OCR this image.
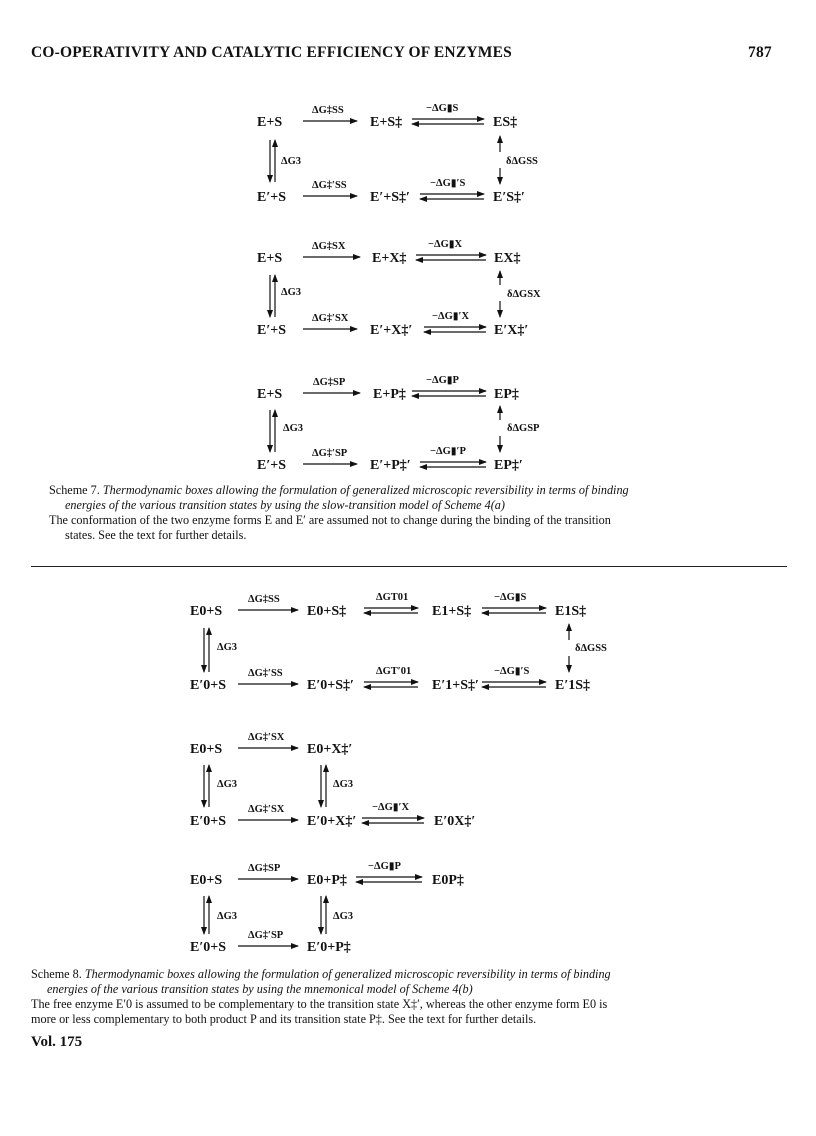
CO-OPERATIVITY AND CATALYTIC EFFICIENCY OF ENZYMES	787
E+S	E+S‡	ES‡
E′+S	E′+S‡′	E′S‡′
ΔG‡SS
ΔG‡′SS
−ΔG▮S
−ΔG▮′S
ΔG3	δΔGSS
E+S	E+X‡	EX‡
E′+S	E′+X‡′	E′X‡′
ΔG‡SX
ΔG‡′SX
−ΔG▮X
−ΔG▮′X
ΔG3	δΔGSX
E+S	E+P‡	EP‡
E′+S	E′+P‡′	EP‡′
ΔG‡SP
ΔG‡′SP
−ΔG▮P
−ΔG▮′P
ΔG3	δΔGSP

Scheme 7. Thermodynamic boxes allowing the formulation of generalized microscopic reversibility in terms of binding

energies of the various transition states by using the slow-transition model of Scheme 4(a)

The conformation of the two enzyme forms E and E′ are assumed not to change during the binding of the transition

states. See the text for further details.

E0+S	E0+S‡	E1+S‡	E1S‡
E′0+S	E′0+S‡′	E′1+S‡′	E′1S‡
ΔG‡SS	ΔGT01	−ΔG▮S
ΔG‡′SS	ΔGT′01	−ΔG▮′S
ΔG3	δΔGSS
E0+S	E0+X‡′
E′0+S	E′0+X‡′	E′0X‡′
ΔG‡′SX
ΔG‡′SX	−ΔG▮′X
ΔG3	ΔG3
E0+S	E0+P‡	E0P‡
E′0+S	E′0+P‡
ΔG‡SP
ΔG‡′SP
−ΔG▮P
ΔG3	ΔG3

Scheme 8. Thermodynamic boxes allowing the formulation of generalized microscopic reversibility in terms of binding

energies of the various transition states by using the mnemonical model of Scheme 4(b)

The free enzyme E′0 is assumed to be complementary to the transition state X‡′, whereas the other enzyme form E0 is

more or less complementary to both product P and its transition state P‡. See the text for further details.

Vol. 175
